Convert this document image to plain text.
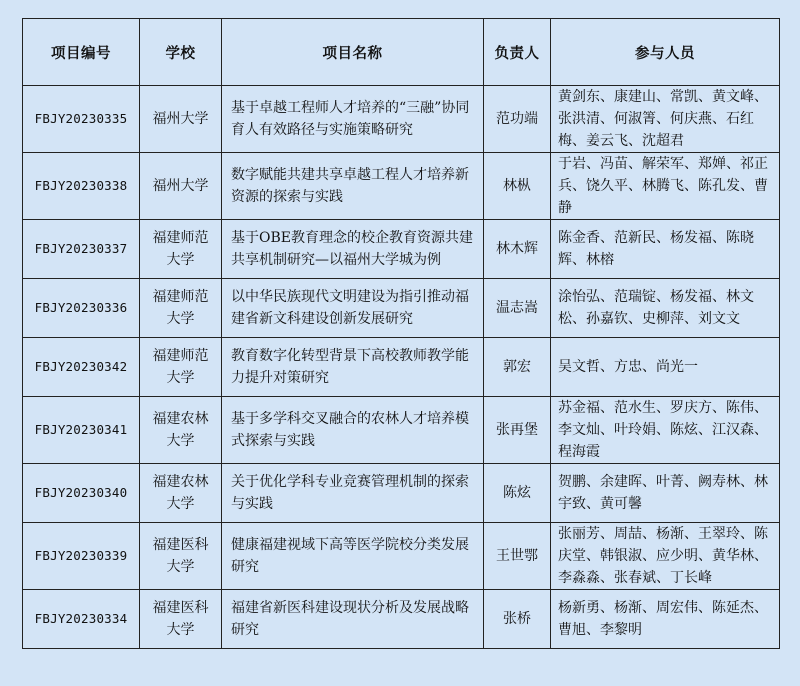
项目编号	学校	项目名称	负责人	参与人员
FBJY20230335	福州大学	基于卓越工程师人才培养的“三融”协同育人有效路径与实施策略研究	范功端	黄剑东、康建山、常凯、黄文峰、张洪清、何淑箐、何庆燕、石红梅、姜云飞、沈超君
FBJY20230338	福州大学	数字赋能共建共享卓越工程人才培养新资源的探索与实践	林枞	于岩、冯苗、解荣军、郑婵、祁正兵、饶久平、林腾飞、陈孔发、曹静
FBJY20230337	福建师范大学	基于OBE教育理念的校企教育资源共建共享机制研究—以福州大学城为例	林木辉	陈金香、范新民、杨发福、陈晓辉、林榕
FBJY20230336	福建师范大学	以中华民族现代文明建设为指引推动福建省新文科建设创新发展研究	温志嵩	涂怡弘、范瑞锭、杨发福、林文松、孙嘉钦、史柳萍、刘文文
FBJY20230342	福建师范大学	教育数字化转型背景下高校教师教学能力提升对策研究	郭宏	吴文哲、方忠、尚光一
FBJY20230341	福建农林大学	基于多学科交叉融合的农林人才培养模式探索与实践	张再堡	苏金福、范水生、罗庆方、陈伟、李文灿、叶玲娟、陈炫、江汉森、程海霞
FBJY20230340	福建农林大学	关于优化学科专业竞赛管理机制的探索与实践	陈炫	贺鹏、余建晖、叶菁、阙寿林、林宇致、黄可馨
FBJY20230339	福建医科大学	健康福建视域下高等医学院校分类发展研究	王世鄂	张丽芳、周喆、杨渐、王翠玲、陈庆堂、韩银淑、应少明、黄华林、李淼淼、张春斌、丁长峰
FBJY20230334	福建医科大学	福建省新医科建设现状分析及发展战略研究	张桥	杨新勇、杨渐、周宏伟、陈延杰、曹旭、李黎明
